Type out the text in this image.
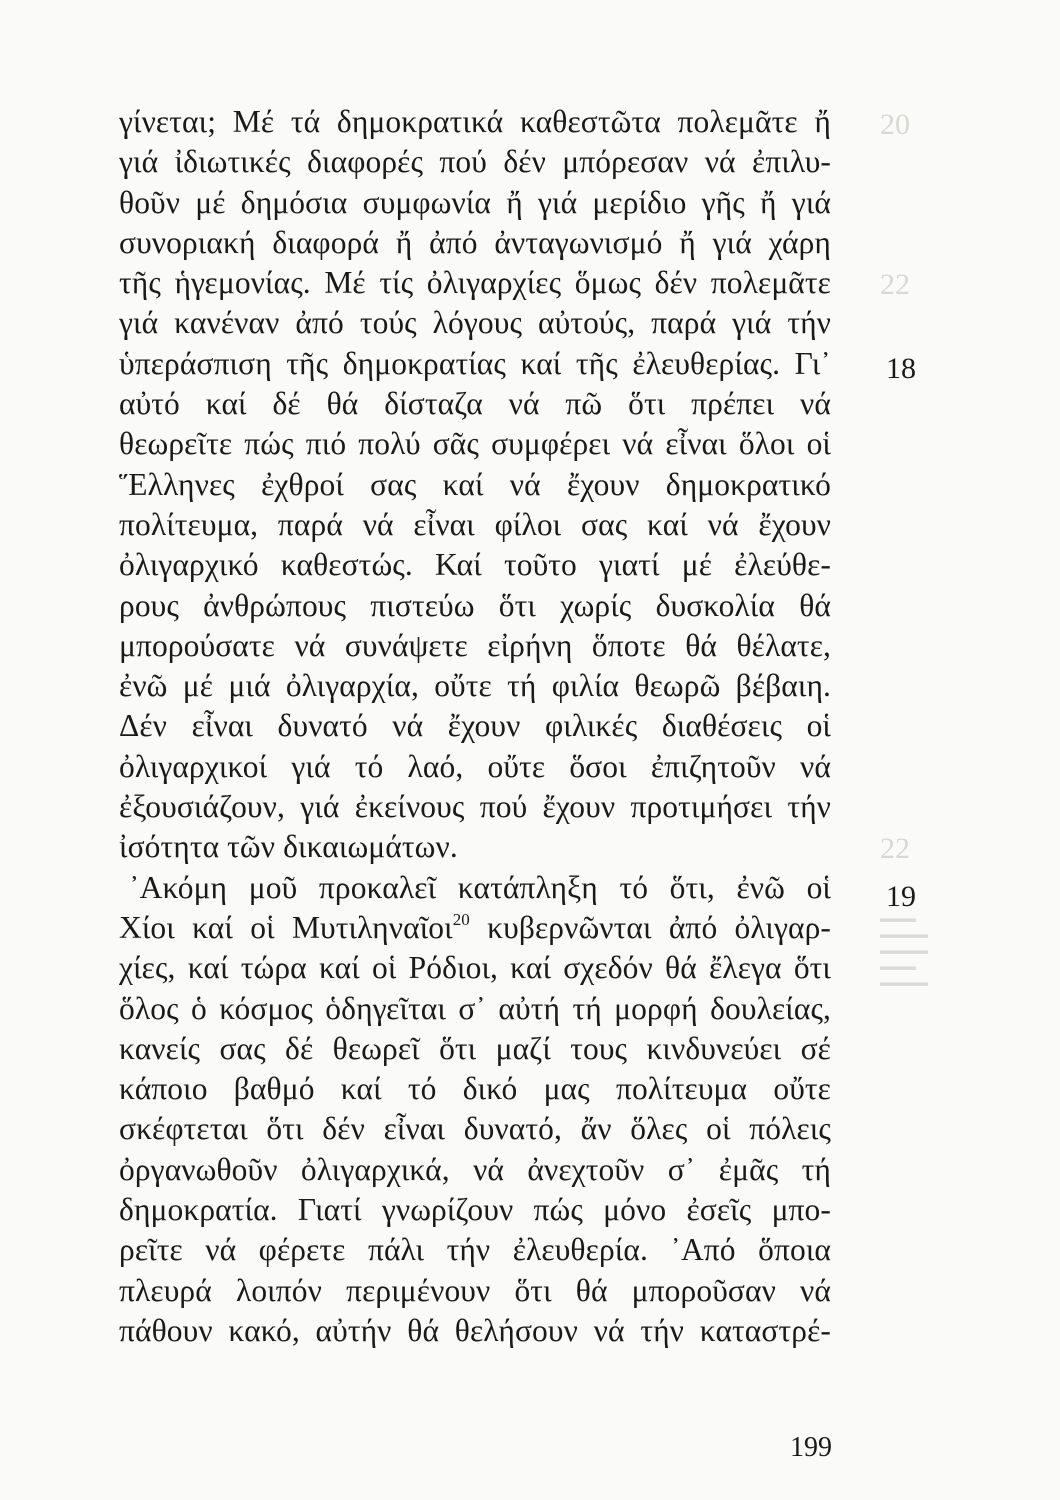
20
22
22
▬▬▬
▬▬▬▬
▬▬▬▬
▬▬▬
▬▬▬▬
γίνεται; Μέ τά δημοκρατικά καθεστῶτα πολεμᾶτε ἤ
γιά ἰδιωτικές διαφορές πού δέν μπόρεσαν νά ἐπιλυ-
θοῦν μέ δημόσια συμφωνία ἤ γιά μερίδιο γῆς ἤ γιά
συνοριακή διαφορά ἤ ἀπό ἀνταγωνισμό ἤ γιά χάρη
τῆς ἡγεμονίας. Μέ τίς ὀλιγαρχίες ὅμως δέν πολεμᾶτε
γιά κανέναν ἀπό τούς λόγους αὐτούς, παρά γιά τήν
ὑπεράσπιση τῆς δημοκρατίας καί τῆς ἐλευθερίας. Γι᾽
αὐτό καί δέ θά δίσταζα νά πῶ ὅτι πρέπει νά
θεωρεῖτε πώς πιό πολύ σᾶς συμφέρει νά εἶναι ὅλοι οἱ
Ἕλληνες ἐχθροί σας καί νά ἔχουν δημοκρατικό
πολίτευμα, παρά νά εἶναι φίλοι σας καί νά ἔχουν
ὀλιγαρχικό καθεστώς. Καί τοῦτο γιατί μέ ἐλεύθε-
ρους ἀνθρώπους πιστεύω ὅτι χωρίς δυσκολία θά
μπορούσατε νά συνάψετε εἰρήνη ὅποτε θά θέλατε,
ἐνῶ μέ μιά ὀλιγαρχία, οὔτε τή φιλία θεωρῶ βέβαιη.
Δέν εἶναι δυνατό νά ἔχουν φιλικές διαθέσεις οἱ
ὀλιγαρχικοί γιά τό λαό, οὔτε ὅσοι ἐπιζητοῦν νά
ἐξουσιάζουν, γιά ἐκείνους πού ἔχουν προτιμήσει τήν
ἰσότητα τῶν δικαιωμάτων.
᾿Ακόμη μοῦ προκαλεῖ κατάπληξη τό ὅτι, ἐνῶ οἱ
Χίοι καί οἱ Μυτιληναῖοι$^{20}$ κυβερνῶνται ἀπό ὀλιγαρ-
χίες, καί τώρα καί οἱ Ρόδιοι, καί σχεδόν θά ἔλεγα ὅτι
ὅλος ὁ κόσμος ὁδηγεῖται σ᾽ αὐτή τή μορφή δουλείας,
κανείς σας δέ θεωρεῖ ὅτι μαζί τους κινδυνεύει σέ
κάποιο βαθμό καί τό δικό μας πολίτευμα οὔτε
σκέφτεται ὅτι δέν εἶναι δυνατό, ἄν ὅλες οἱ πόλεις
ὀργανωθοῦν ὀλιγαρχικά, νά ἀνεχτοῦν σ᾽ ἐμᾶς τή
δημοκρατία. Γιατί γνωρίζουν πώς μόνο ἐσεῖς μπο-
ρεῖτε νά φέρετε πάλι τήν ἐλευθερία. ᾿Από ὅποια
πλευρά λοιπόν περιμένουν ὅτι θά μποροῦσαν νά
πάθουν κακό, αὐτήν θά θελήσουν νά τήν καταστρέ-
18
19
199
